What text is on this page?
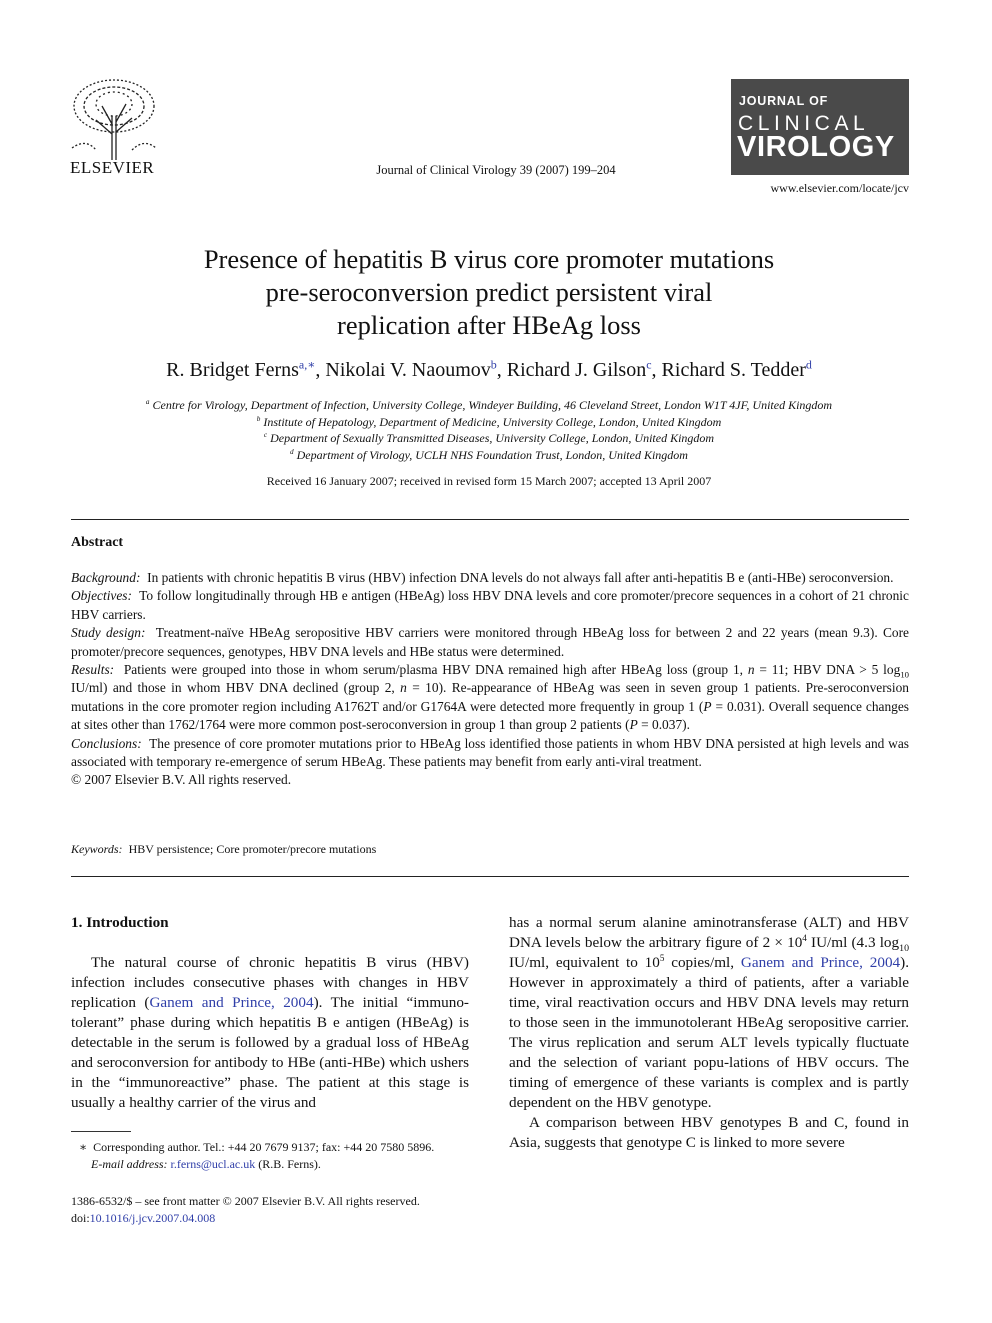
ELSEVIER	Journal of Clinical Virology 39 (2007) 199–204
JOURNAL OF
CLINICAL
VIROLOGY
www.elsevier.com/locate/jcv
Presence of hepatitis B virus core promoter mutations
pre-seroconversion predict persistent viral
replication after HBeAg loss
R. Bridget Ferns$^{a,∗}$, Nikolai V. Naoumov$^b$, Richard J. Gilson$^c$, Richard S. Tedder$^d$
$^a$ Centre for Virology, Department of Infection, University College, Windeyer Building, 46 Cleveland Street, London W1T 4JF, United Kingdom
$^b$ Institute of Hepatology, Department of Medicine, University College, London, United Kingdom
$^c$ Department of Sexually Transmitted Diseases, University College, London, United Kingdom
$^d$ Department of Virology, UCLH NHS Foundation Trust, London, United Kingdom
Received 16 January 2007; received in revised form 15 March 2007; accepted 13 April 2007
Abstract

Background: In patients with chronic hepatitis B virus (HBV) infection DNA levels do not always fall after anti-hepatitis B e (anti-HBe) seroconversion.

Objectives: To follow longitudinally through HB e antigen (HBeAg) loss HBV DNA levels and core promoter/precore sequences in a cohort of 21 chronic HBV carriers.

Study design: Treatment-naïve HBeAg seropositive HBV carriers were monitored through HBeAg loss for between 2 and 22 years (mean 9.3). Core promoter/precore sequences, genotypes, HBV DNA levels and HBe status were determined.

Results: Patients were grouped into those in whom serum/plasma HBV DNA remained high after HBeAg loss (group 1, n = 11; HBV DNA > 5 $\log_{10} IU/ml$) and those in whom HBV DNA declined (group 2, n = 10). Re-appearance of HBeAg was seen in seven group 1 patients. Pre-seroconversion mutations in the core promoter region including A1762T and/or G1764A were detected more frequently in group 1 (P = 0.031). Overall sequence changes at sites other than 1762/1764 were more common post-seroconversion in group 1 than group 2 patients (P = 0.037).

Conclusions: The presence of core promoter mutations prior to HBeAg loss identified those patients in whom HBV DNA persisted at high levels and was associated with temporary re-emergence of serum HBeAg. These patients may benefit from early anti-viral treatment.

© 2007 Elsevier B.V. All rights reserved.

Keywords: HBV persistence; Core promoter/precore mutations

1. Introduction

The natural course of chronic hepatitis B virus (HBV) infection includes consecutive phases with changes in HBV replication (Ganem and Prince, 2004). The initial “immuno-tolerant” phase during which hepatitis B e antigen (HBeAg) is detectable in the serum is followed by a gradual loss of HBeAg and seroconversion for antibody to HBe (anti-HBe) which ushers in the “immunoreactive” phase. The patient at this stage is usually a healthy carrier of the virus and

has a normal serum alanine aminotransferase (ALT) and HBV DNA levels below the arbitrary figure of $2 \times 10^4$ IU/ml (4.3 $\log_{10} IU/ml$, equivalent to $10^5$ copies/ml, Ganem and Prince, 2004). However in approximately a third of patients, after a variable time, viral reactivation occurs and HBV DNA levels may return to those seen in the immunotolerant HBeAg seropositive carrier. The virus replication and serum ALT levels typically fluctuate and the selection of variant popu-lations of HBV occurs. The timing of emergence of these variants is complex and is partly dependent on the HBV genotype.

A comparison between HBV genotypes B and C, found in Asia, suggests that genotype C is linked to more severe

∗ Corresponding author. Tel.: +44 20 7679 9137; fax: +44 20 7580 5896.

E-mail address: r.ferns@ucl.ac.uk (R.B. Ferns).

1386-6532/$ – see front matter © 2007 Elsevier B.V. All rights reserved.

doi:10.1016/j.jcv.2007.04.008
